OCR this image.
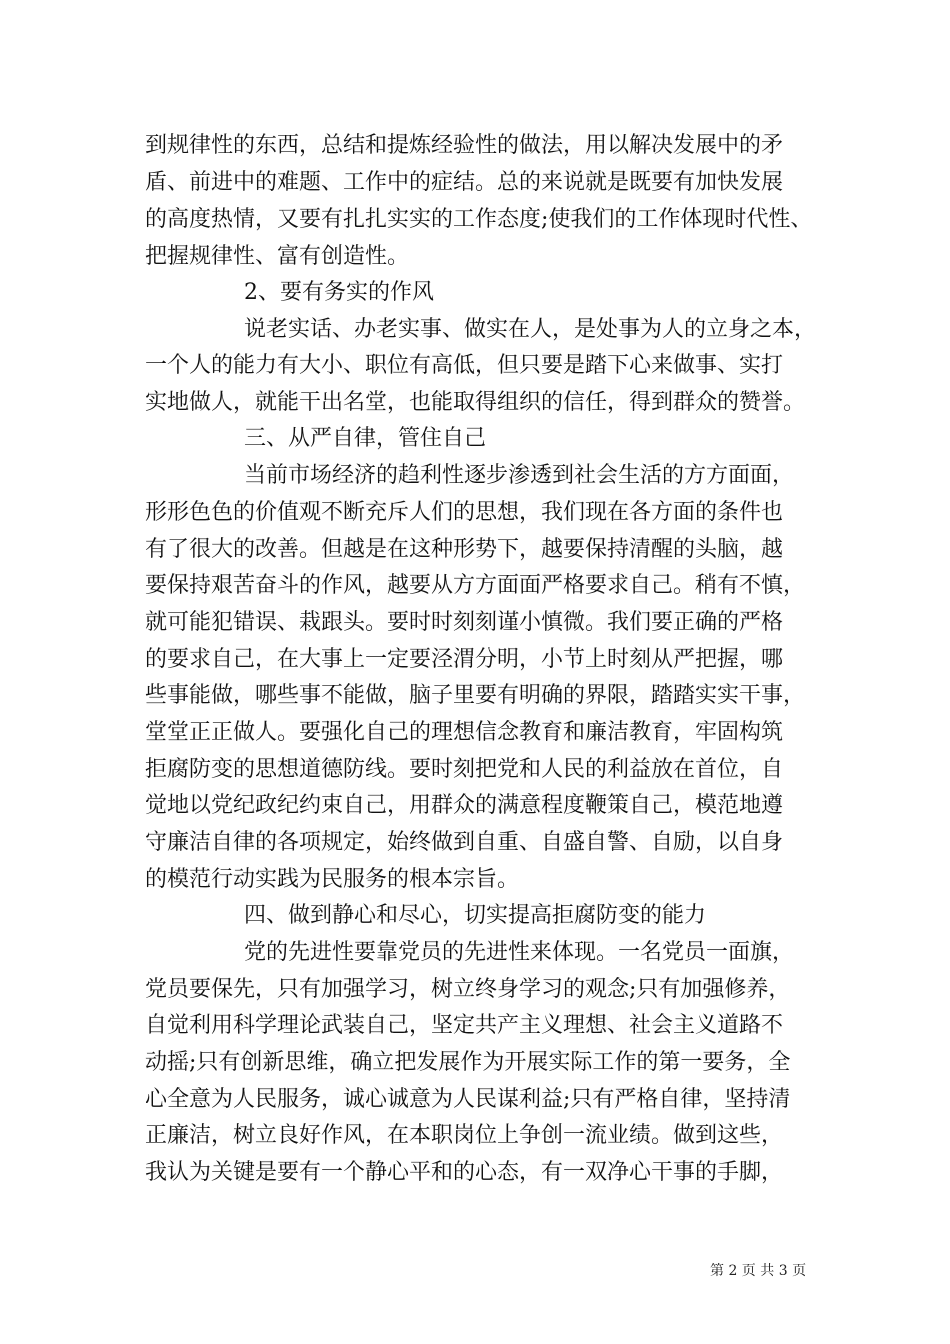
到规律性的东西，总结和提炼经验性的做法，用以解决发展中的矛
盾、前进中的难题、工作中的症结。总的来说就是既要有加快发展
的高度热情，又要有扎扎实实的工作态度;使我们的工作体现时代性、
把握规律性、富有创造性。
2、要有务实的作风
说老实话、办老实事、做实在人，是处事为人的立身之本，
一个人的能力有大小、职位有高低，但只要是踏下心来做事、实打
实地做人，就能干出名堂，也能取得组织的信任，得到群众的赞誉。
三、从严自律，管住自己
当前市场经济的趋利性逐步渗透到社会生活的方方面面，
形形色色的价值观不断充斥人们的思想，我们现在各方面的条件也
有了很大的改善。但越是在这种形势下，越要保持清醒的头脑，越
要保持艰苦奋斗的作风，越要从方方面面严格要求自己。稍有不慎，
就可能犯错误、栽跟头。要时时刻刻谨小慎微。我们要正确的严格
的要求自己，在大事上一定要泾渭分明，小节上时刻从严把握，哪
些事能做，哪些事不能做，脑子里要有明确的界限，踏踏实实干事，
堂堂正正做人。要强化自己的理想信念教育和廉洁教育，牢固构筑
拒腐防变的思想道德防线。要时刻把党和人民的利益放在首位，自
觉地以党纪政纪约束自己，用群众的满意程度鞭策自己，模范地遵
守廉洁自律的各项规定，始终做到自重、自盛自警、自励，以自身
的模范行动实践为民服务的根本宗旨。
四、做到静心和尽心，切实提高拒腐防变的能力
党的先进性要靠党员的先进性来体现。一名党员一面旗，
党员要保先，只有加强学习，树立终身学习的观念;只有加强修养，
自觉利用科学理论武装自己，坚定共产主义理想、社会主义道路不
动摇;只有创新思维，确立把发展作为开展实际工作的第一要务，全
心全意为人民服务，诚心诚意为人民谋利益;只有严格自律，坚持清
正廉洁，树立良好作风，在本职岗位上争创一流业绩。做到这些，
我认为关键是要有一个静心平和的心态，有一双净心干事的手脚，
第 2 页 共 3 页
